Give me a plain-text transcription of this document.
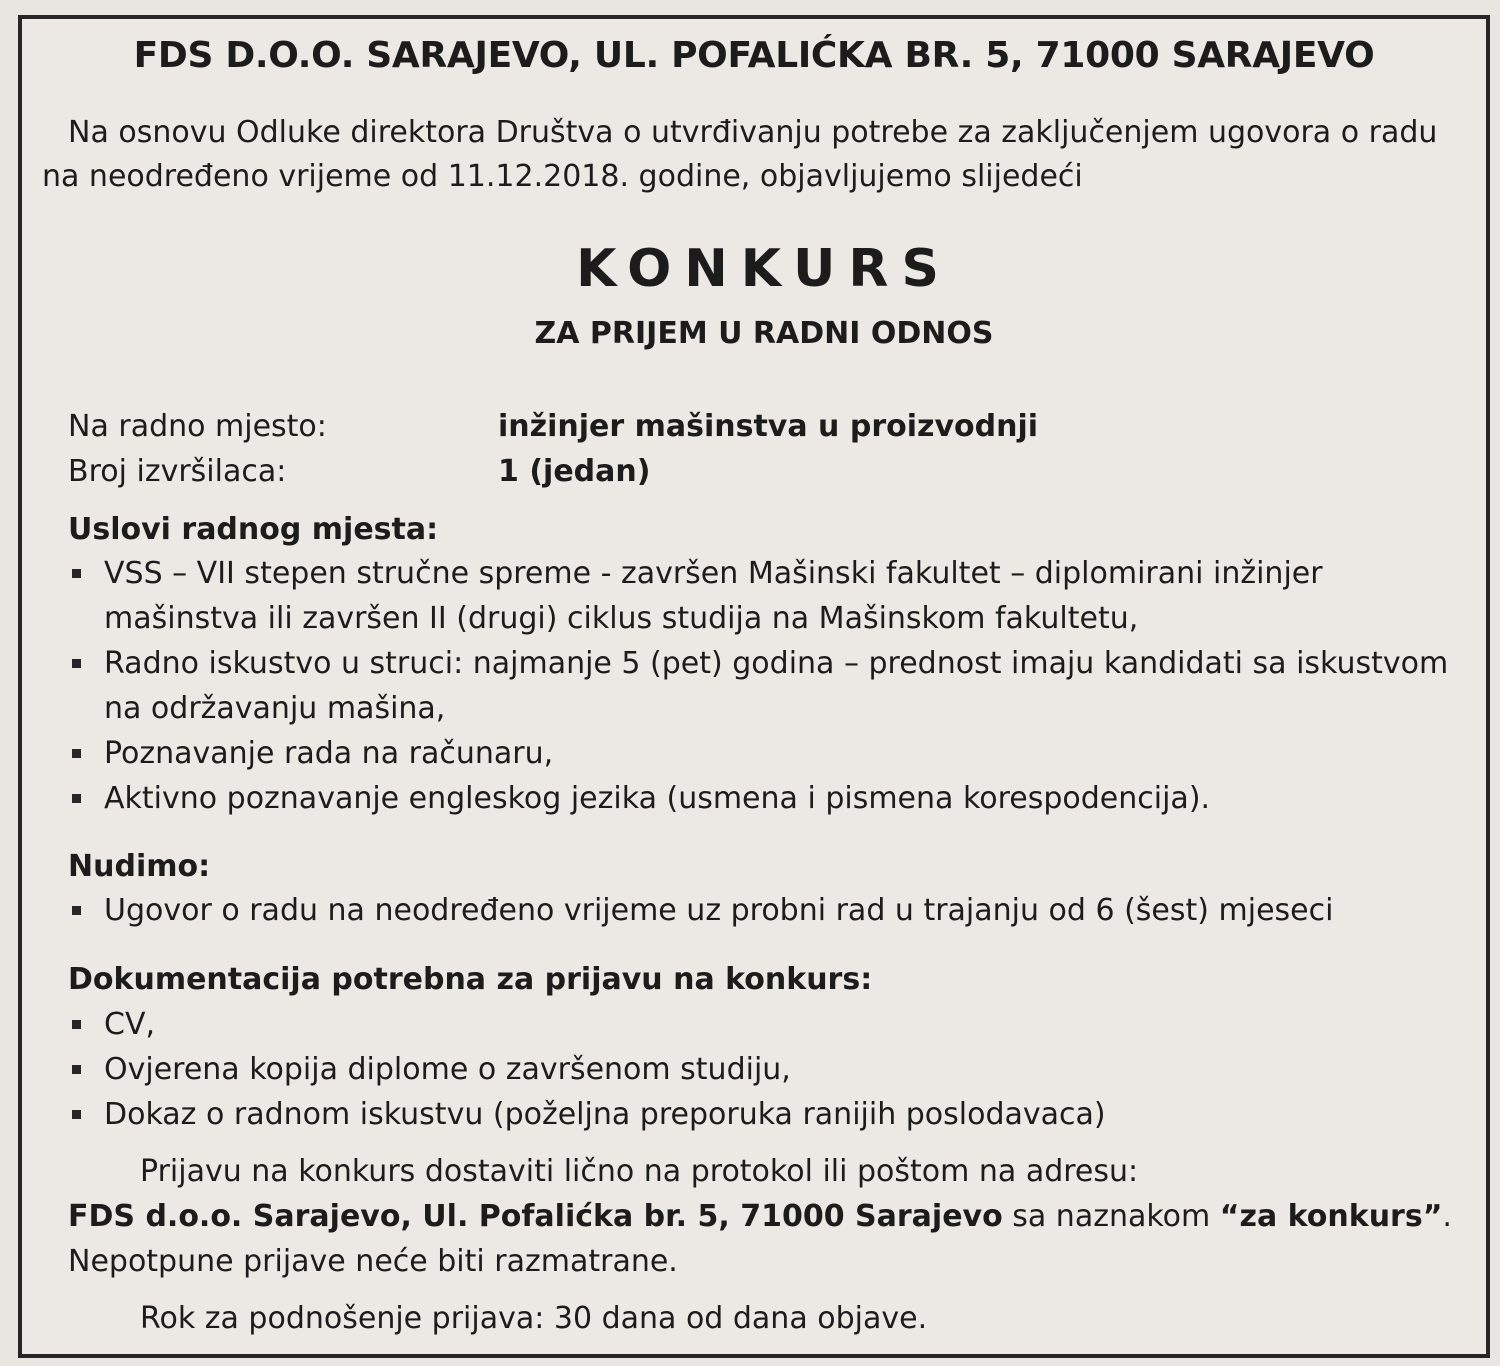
FDS D.O.O. SARAJEVO, UL. POFALIĆKA BR. 5, 71000 SARAJEVO
Na osnovu Odluke direktora Društva o utvrđivanju potrebe za zaključenjem ugovora o radu na neodređeno vrijeme od 11.12.2018. godine, objavljujemo slijedeći
KONKURS
ZA PRIJEM U RADNI ODNOS
Na radno mjesto:	inžinjer mašinstva u proizvodnji
Broj izvršilaca:	1 (jedan)
Uslovi radnog mjesta:
VSS – VII stepen stručne spreme - završen Mašinski fakultet – diplomirani inžinjer mašinstva ili završen II (drugi) ciklus studija na Mašinskom fakultetu,
Radno iskustvo u struci: najmanje 5 (pet) godina – prednost imaju kandidati sa iskustvom na održavanju mašina,
Poznavanje rada na računaru,
Aktivno poznavanje engleskog jezika (usmena i pismena korespodencija).
Nudimo:
Ugovor o radu na neodređeno vrijeme uz probni rad u trajanju od 6 (šest) mjeseci
Dokumentacija potrebna za prijavu na konkurs:
CV,
Ovjerena kopija diplome o završenom studiju,
Dokaz o radnom iskustvu (poželjna preporuka ranijih poslodavaca)
Prijavu na konkurs dostaviti lično na protokol ili poštom na adresu:
FDS d.o.o. Sarajevo, Ul. Pofalićka br. 5, 71000 Sarajevo sa naznakom “za konkurs”.
Nepotpune prijave neće biti razmatrane.
Rok za podnošenje prijava: 30 dana od dana objave.
